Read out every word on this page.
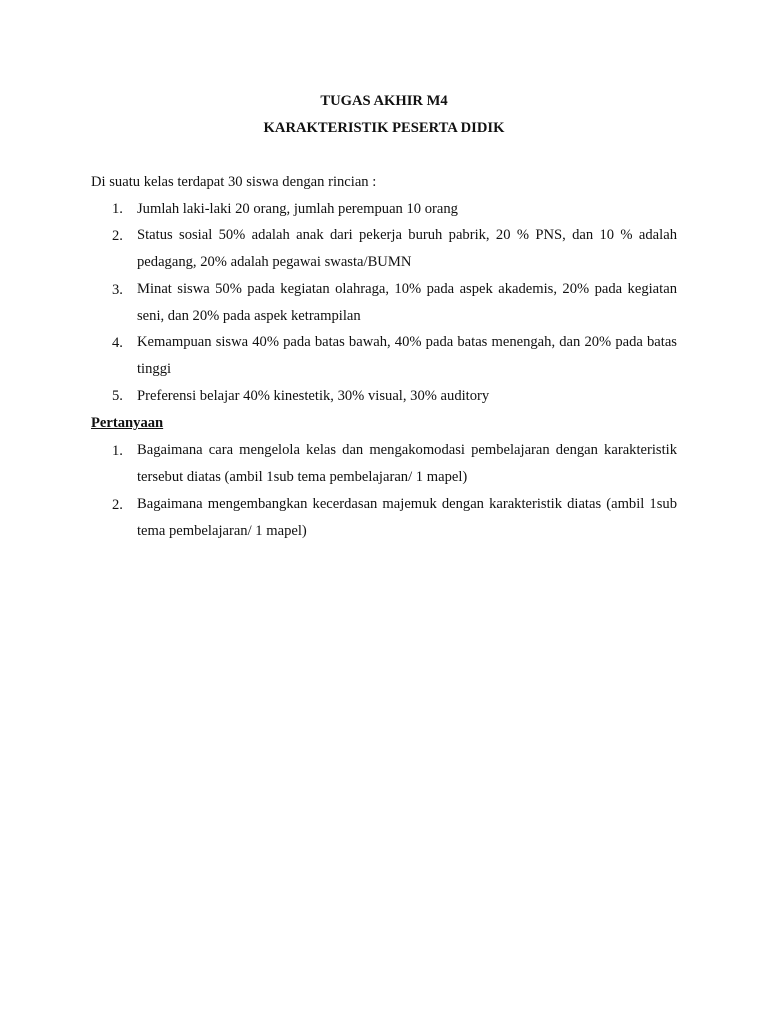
TUGAS AKHIR M4
KARAKTERISTIK PESERTA DIDIK
Di suatu kelas terdapat 30 siswa dengan rincian :
1. Jumlah laki-laki 20 orang, jumlah perempuan 10 orang
2. Status sosial 50% adalah anak dari pekerja buruh pabrik, 20 % PNS, dan 10 % adalah pedagang, 20% adalah pegawai swasta/BUMN
3. Minat siswa 50% pada kegiatan olahraga, 10% pada aspek akademis, 20% pada kegiatan seni, dan 20% pada aspek ketrampilan
4. Kemampuan siswa 40% pada batas bawah, 40% pada batas menengah, dan 20% pada batas tinggi
5. Preferensi belajar 40% kinestetik, 30% visual, 30% auditory
Pertanyaan
1. Bagaimana cara mengelola kelas dan mengakomodasi pembelajaran dengan karakteristik tersebut diatas (ambil 1sub tema pembelajaran/ 1 mapel)
2. Bagaimana mengembangkan kecerdasan majemuk dengan karakteristik diatas (ambil 1sub tema pembelajaran/ 1 mapel)
